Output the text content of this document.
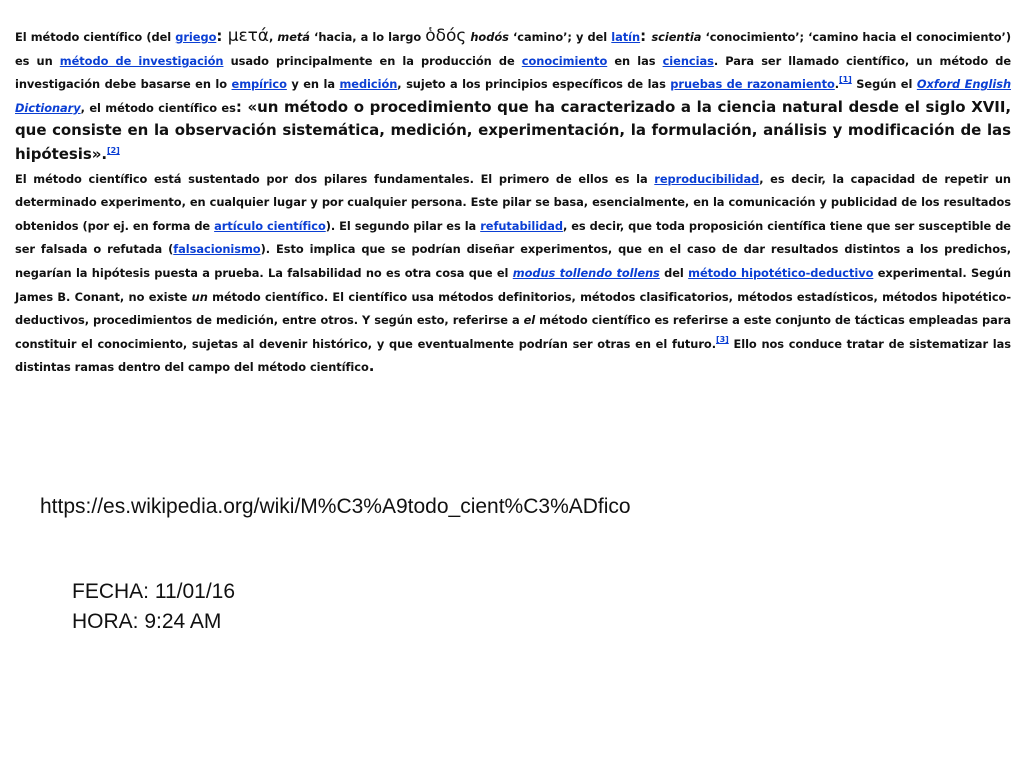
El método científico (del griego: μετά, metá ‘hacia, a lo largo ὁδός hodós ‘camino’; y del latín: scientia ‘conocimiento’; ‘camino hacia el conocimiento’) es un método de investigación usado principalmente en la producción de conocimiento en las ciencias. Para ser llamado científico, un método de investigación debe basarse en lo empírico y en la medición, sujeto a los principios específicos de las pruebas de razonamiento.[1] Según el Oxford English Dictionary, el método científico es: «un método o procedimiento que ha caracterizado a la ciencia natural desde el siglo XVII, que consiste en la observación sistemática, medición, experimentación, la formulación, análisis y modificación de las hipótesis».[2]

El método científico está sustentado por dos pilares fundamentales. El primero de ellos es la reproducibilidad, es decir, la capacidad de repetir un determinado experimento, en cualquier lugar y por cualquier persona. Este pilar se basa, esencialmente, en la comunicación y publicidad de los resultados obtenidos (por ej. en forma de artículo científico). El segundo pilar es la refutabilidad, es decir, que toda proposición científica tiene que ser susceptible de ser falsada o refutada (falsacionismo). Esto implica que se podrían diseñar experimentos, que en el caso de dar resultados distintos a los predichos, negarían la hipótesis puesta a prueba. La falsabilidad no es otra cosa que el modus tollendo tollens del método hipotético-deductivo experimental. Según James B. Conant, no existe un método científico. El científico usa métodos definitorios, métodos clasificatorios, métodos estadísticos, métodos hipotético-deductivos, procedimientos de medición, entre otros. Y según esto, referirse a el método científico es referirse a este conjunto de tácticas empleadas para constituir el conocimiento, sujetas al devenir histórico, y que eventualmente podrían ser otras en el futuro.[3] Ello nos conduce tratar de sistematizar las distintas ramas dentro del campo del método científico.

https://es.wikipedia.org/wiki/M%C3%A9todo_cient%C3%ADfico
FECHA: 11/01/16
HORA: 9:24 AM
